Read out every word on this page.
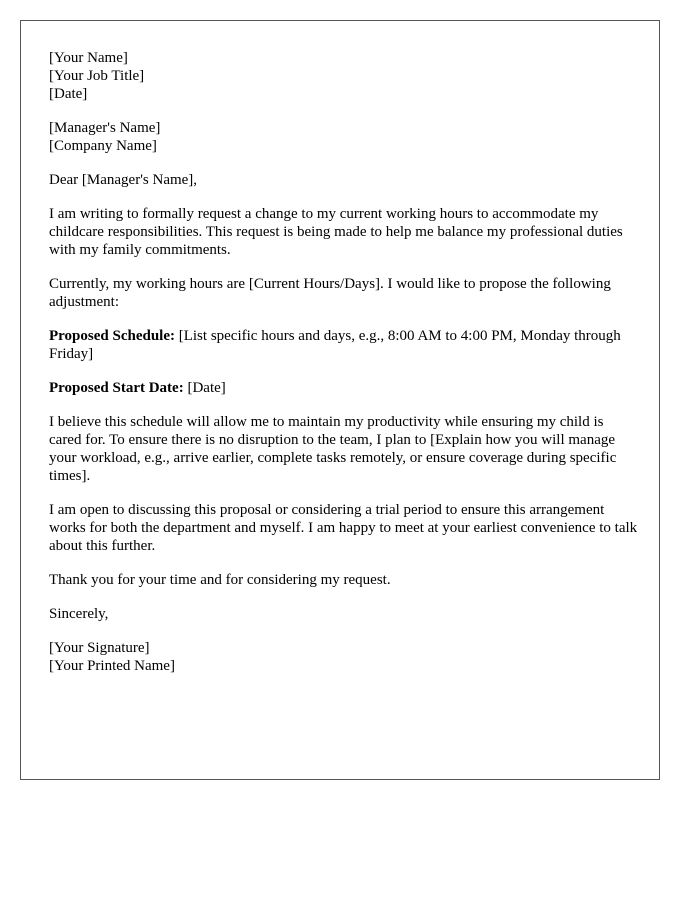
[Your Name]
[Your Job Title]
[Date]
[Manager's Name]
[Company Name]

Dear [Manager's Name],

I am writing to formally request a change to my current working hours to accommodate my childcare responsibilities. This request is being made to help me balance my professional duties with my family commitments.

Currently, my working hours are [Current Hours/Days]. I would like to propose the following adjustment:

Proposed Schedule: [List specific hours and days, e.g., 8:00 AM to 4:00 PM, Monday through Friday]

Proposed Start Date: [Date]

I believe this schedule will allow me to maintain my productivity while ensuring my child is cared for. To ensure there is no disruption to the team, I plan to [Explain how you will manage your workload, e.g., arrive earlier, complete tasks remotely, or ensure coverage during specific times].

I am open to discussing this proposal or considering a trial period to ensure this arrangement works for both the department and myself. I am happy to meet at your earliest convenience to talk about this further.

Thank you for your time and for considering my request.

Sincerely,

[Your Signature]
[Your Printed Name]
